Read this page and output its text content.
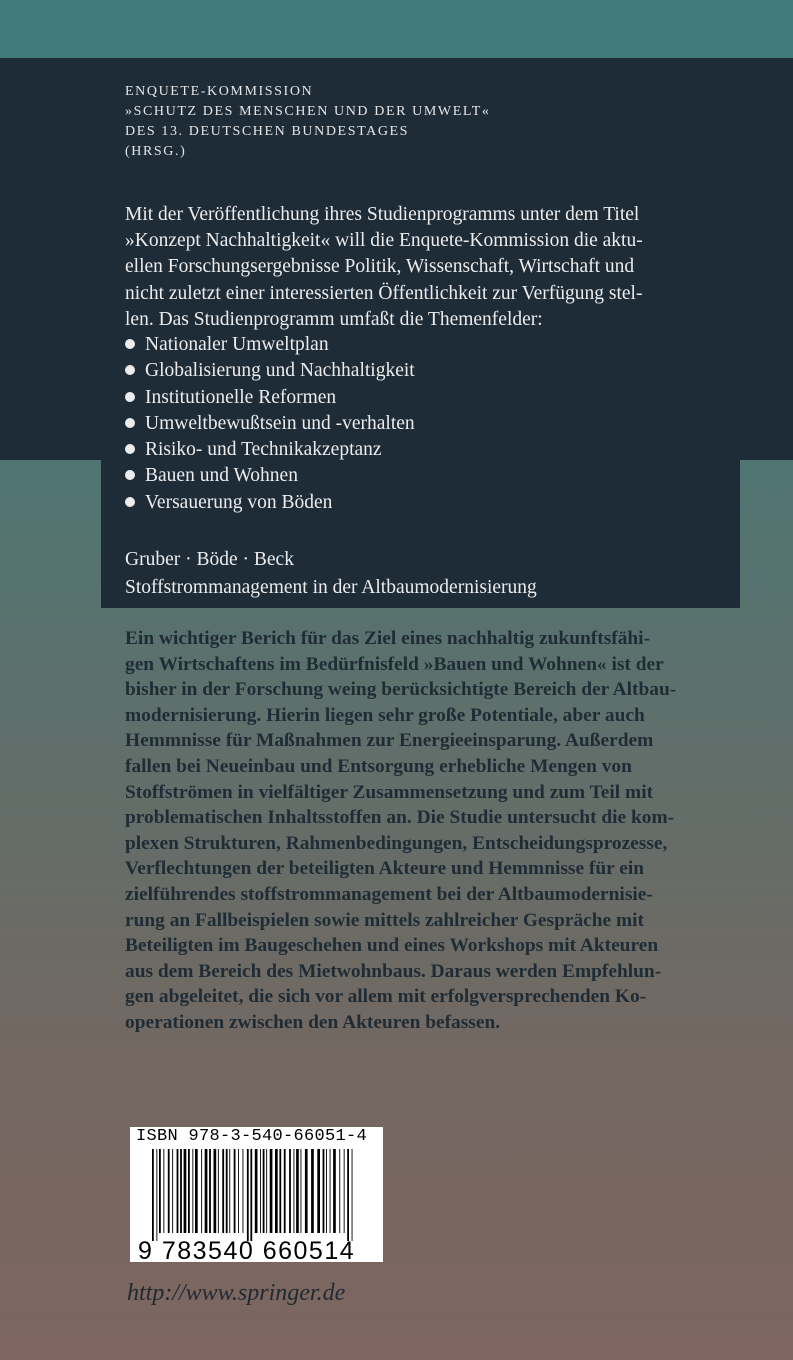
ENQUETE-KOMMISSION
»SCHUTZ DES MENSCHEN UND DER UMWELT«
DES 13. DEUTSCHEN BUNDESTAGES
(HRSG.)
Mit der Veröffentlichung ihres Studienprogramms unter dem Titel
»Konzept Nachhaltigkeit« will die Enquete-Kommission die aktu-
ellen Forschungsergebnisse Politik, Wissenschaft, Wirtschaft und
nicht zuletzt einer interessierten Öffentlichkeit zur Verfügung stel-
len. Das Studienprogramm umfaßt die Themenfelder:
Nationaler Umweltplan
Globalisierung und Nachhaltigkeit
Institutionelle Reformen
Umweltbewußtsein und -verhalten
Risiko- und Technikakzeptanz
Bauen und Wohnen
Versauerung von Böden
Gruber · Böde · Beck
Stoffstrommanagement in der Altbaumodernisierung
Ein wichtiger Berich für das Ziel eines nachhaltig zukunftsfähi-
gen Wirtschaftens im Bedürfnisfeld »Bauen und Wohnen« ist der
bisher in der Forschung weing berücksichtigte Bereich der Altbau-
modernisierung. Hierin liegen sehr große Potentiale, aber auch
Hemmnisse für Maßnahmen zur Energieeinsparung. Außerdem
fallen bei Neueinbau und Entsorgung erhebliche Mengen von
Stoffströmen in vielfältiger Zusammensetzung und zum Teil mit
problematischen Inhaltsstoffen an. Die Studie untersucht die kom-
plexen Strukturen, Rahmenbedingungen, Entscheidungsprozesse,
Verflechtungen der beteiligten Akteure und Hemmnisse für ein
zielführendes stoffstrommanagement bei der Altbaumodernisie-
rung an Fallbeispielen sowie mittels zahlreicher Gespräche mit
Beteiligten im Baugeschehen und eines Workshops mit Akteuren
aus dem Bereich des Mietwohnbaus. Daraus werden Empfehlun-
gen abgeleitet, die sich vor allem mit erfolgversprechenden Ko-
operationen zwischen den Akteuren befassen.
ISBN 978-3-540-66051-4
9 783540 660514
http://www.springer.de
